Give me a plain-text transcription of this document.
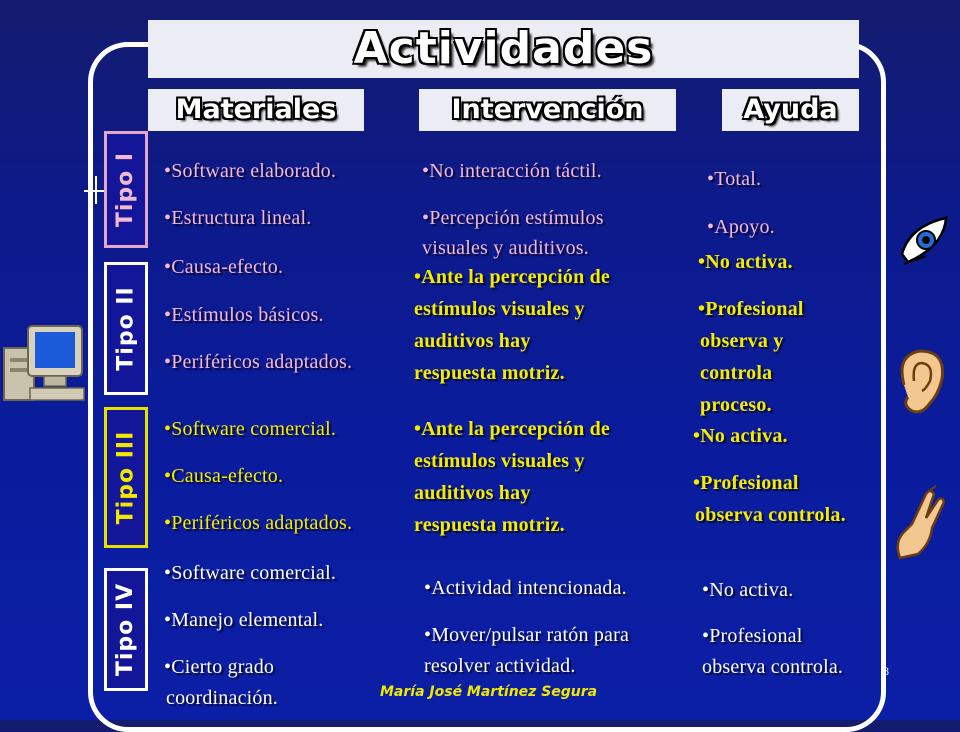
Actividades
Materiales	Intervención	Ayuda
Tipo I
Tipo II
Tipo III
Tipo IV

•Software elaborado.

•Estructura lineal.

•No interacción táctil.

•Percepción estímulos

visuales y auditivos.

•Total.

•Apoyo.

•Causa-efecto.

•Estímulos básicos.

•Periféricos adaptados.

•Ante la percepción de

estímulos visuales y

auditivos hay

respuesta motriz.

•No activa.

•Profesional

observa y

controla

proceso.

•Software comercial.

•Causa-efecto.

•Periféricos adaptados.

•Ante la percepción de

estímulos visuales y

auditivos hay

respuesta motriz.

•No activa.

•Profesional

observa controla.

•Software comercial.

•Manejo elemental.

•Cierto grado

coordinación.

•Actividad intencionada.

•Mover/pulsar ratón para

resolver actividad.

•No activa.

•Profesional

observa controla.

María José Martínez Segura
8
